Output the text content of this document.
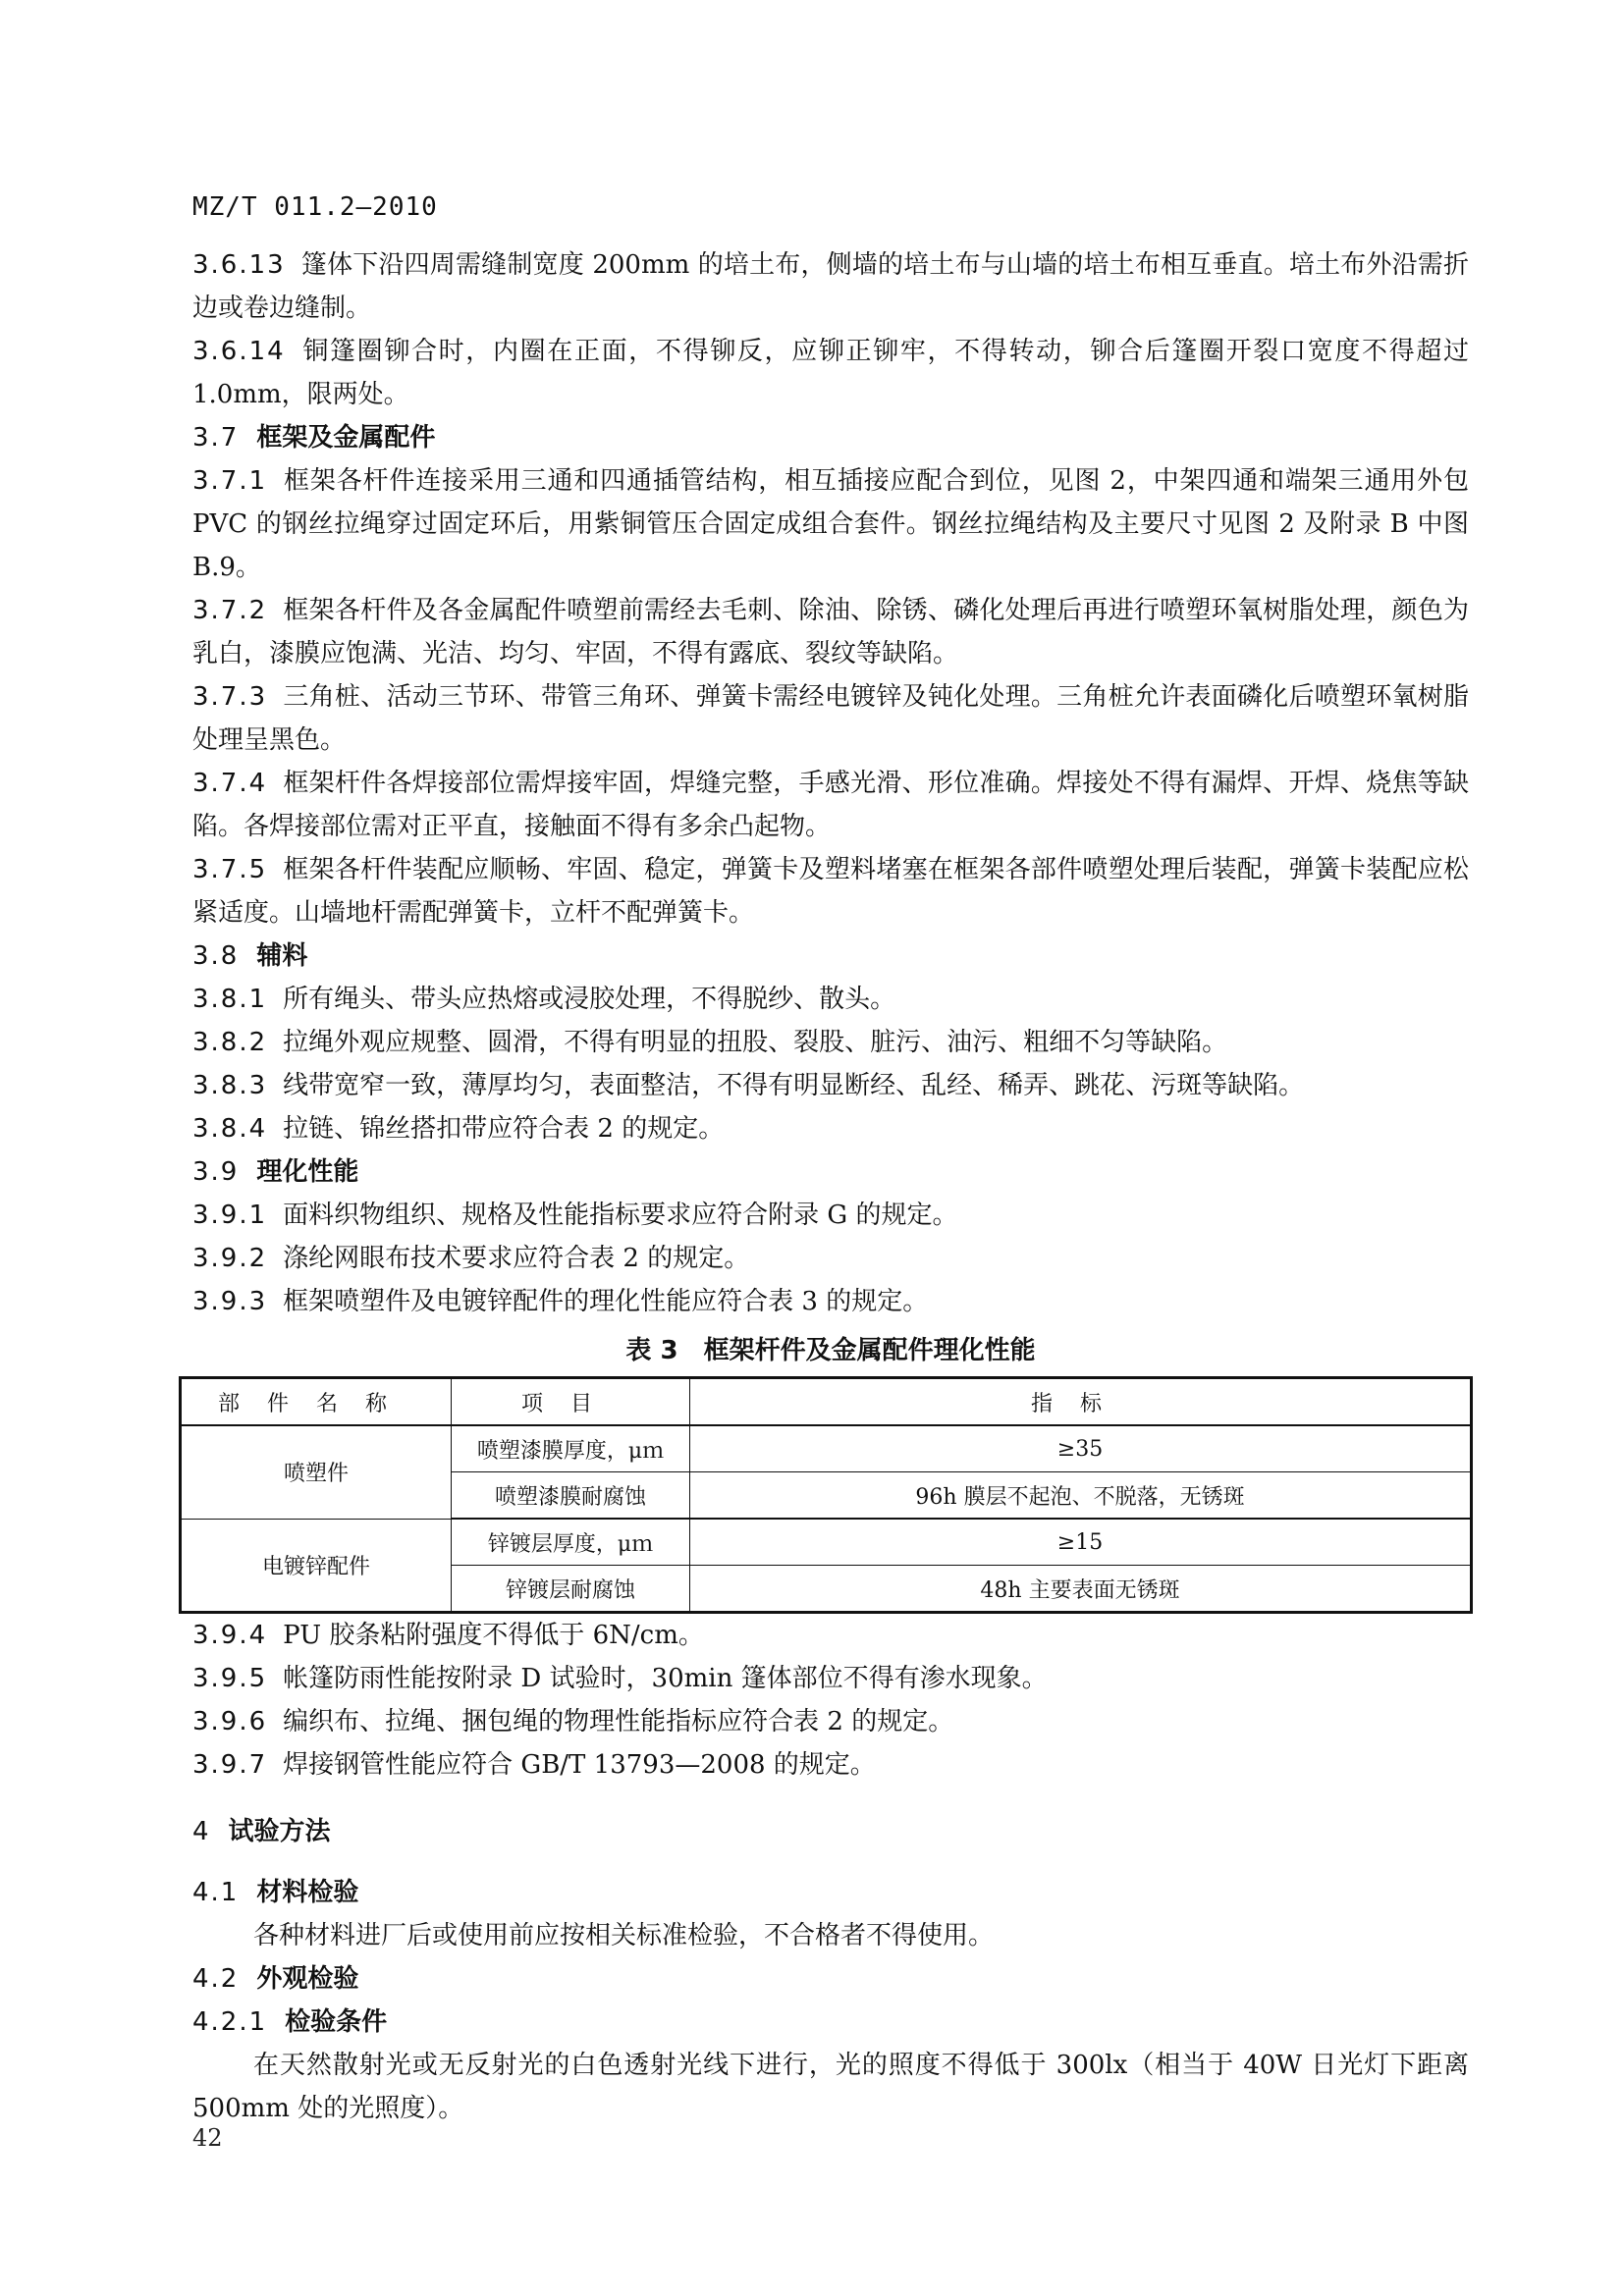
MZ/T 011.2—2010

3.6.13 篷体下沿四周需缝制宽度 200mm 的培土布，侧墙的培土布与山墙的培土布相互垂直。培土布外沿需折边或卷边缝制。

3.6.14 铜篷圈铆合时，内圈在正面，不得铆反，应铆正铆牢，不得转动，铆合后篷圈开裂口宽度不得超过 1.0mm，限两处。

3.7 框架及金属配件

3.7.1 框架各杆件连接采用三通和四通插管结构，相互插接应配合到位，见图 2，中架四通和端架三通用外包 PVC 的钢丝拉绳穿过固定环后，用紫铜管压合固定成组合套件。钢丝拉绳结构及主要尺寸见图 2 及附录 B 中图 B.9。

3.7.2 框架各杆件及各金属配件喷塑前需经去毛刺、除油、除锈、磷化处理后再进行喷塑环氧树脂处理，颜色为乳白，漆膜应饱满、光洁、均匀、牢固，不得有露底、裂纹等缺陷。

3.7.3 三角桩、活动三节环、带管三角环、弹簧卡需经电镀锌及钝化处理。三角桩允许表面磷化后喷塑环氧树脂处理呈黑色。

3.7.4 框架杆件各焊接部位需焊接牢固，焊缝完整，手感光滑、形位准确。焊接处不得有漏焊、开焊、烧焦等缺陷。各焊接部位需对正平直，接触面不得有多余凸起物。

3.7.5 框架各杆件装配应顺畅、牢固、稳定，弹簧卡及塑料堵塞在框架各部件喷塑处理后装配，弹簧卡装配应松紧适度。山墙地杆需配弹簧卡，立杆不配弹簧卡。

3.8 辅料

3.8.1 所有绳头、带头应热熔或浸胶处理，不得脱纱、散头。

3.8.2 拉绳外观应规整、圆滑，不得有明显的扭股、裂股、脏污、油污、粗细不匀等缺陷。

3.8.3 线带宽窄一致，薄厚均匀，表面整洁，不得有明显断经、乱经、稀弄、跳花、污斑等缺陷。

3.8.4 拉链、锦丝搭扣带应符合表 2 的规定。

3.9 理化性能

3.9.1 面料织物组织、规格及性能指标要求应符合附录 G 的规定。

3.9.2 涤纶网眼布技术要求应符合表 2 的规定。

3.9.3 框架喷塑件及电镀锌配件的理化性能应符合表 3 的规定。

表 3　框架杆件及金属配件理化性能
部件名称	项目	指标
喷塑件	喷塑漆膜厚度，μｍ	≥35
	喷塑漆膜耐腐蚀	96h 膜层不起泡、不脱落，无锈斑
电镀锌配件	锌镀层厚度，μｍ	≥15
	锌镀层耐腐蚀	48h 主要表面无锈斑

3.9.4 PU 胶条粘附强度不得低于 6N/cm。

3.9.5 帐篷防雨性能按附录 D 试验时，30min 篷体部位不得有渗水现象。

3.9.6 编织布、拉绳、捆包绳的物理性能指标应符合表 2 的规定。

3.9.7 焊接钢管性能应符合 GB/T 13793—2008 的规定。

4 试验方法

4.1 材料检验

各种材料进厂后或使用前应按相关标准检验，不合格者不得使用。

4.2 外观检验

4.2.1 检验条件

在天然散射光或无反射光的白色透射光线下进行，光的照度不得低于 300lx（相当于 40W 日光灯下距离 500mm 处的光照度）。

42
